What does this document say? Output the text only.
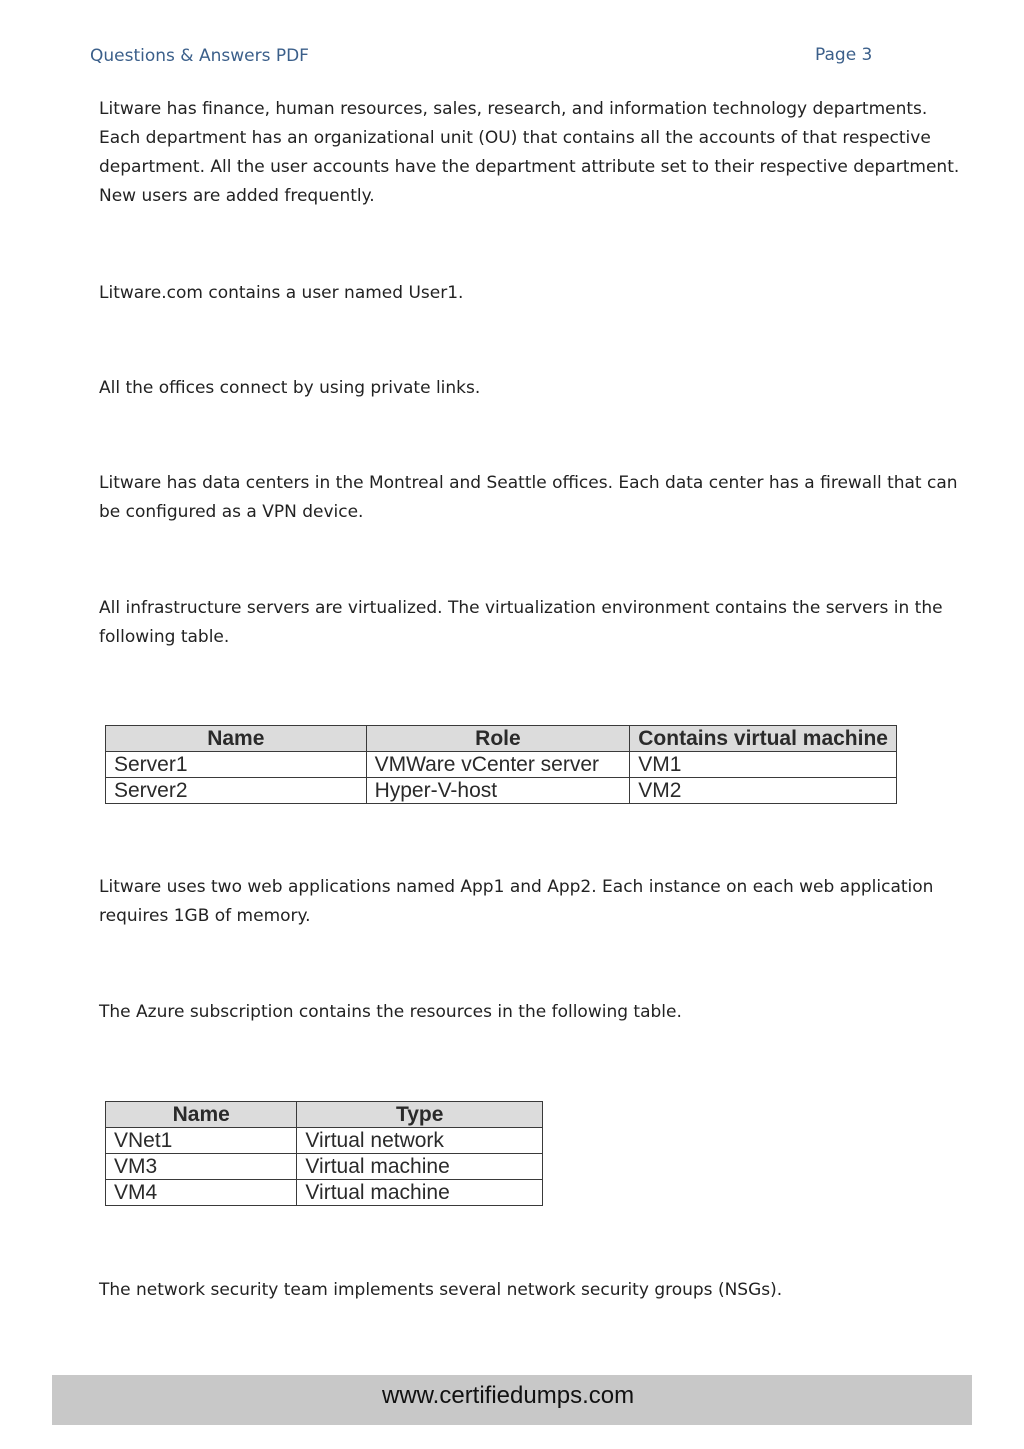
Questions & Answers PDF	Page 3

Litware has finance, human resources, sales, research, and information technology departments. Each department has an organizational unit (OU) that contains all the accounts of that respective department. All the user accounts have the department attribute set to their respective department. New users are added frequently.

Litware.com contains a user named User1.

All the offices connect by using private links.

Litware has data centers in the Montreal and Seattle offices. Each data center has a firewall that can be configured as a VPN device.

All infrastructure servers are virtualized. The virtualization environment contains the servers in the following table.

Name	Role	Contains virtual machine
Server1	VMWare vCenter server	VM1
Server2	Hyper-V-host	VM2

Litware uses two web applications named App1 and App2. Each instance on each web application requires 1GB of memory.

The Azure subscription contains the resources in the following table.

Name	Type
VNet1	Virtual network
VM3	Virtual machine
VM4	Virtual machine

The network security team implements several network security groups (NSGs).

www.certifiedumps.com
